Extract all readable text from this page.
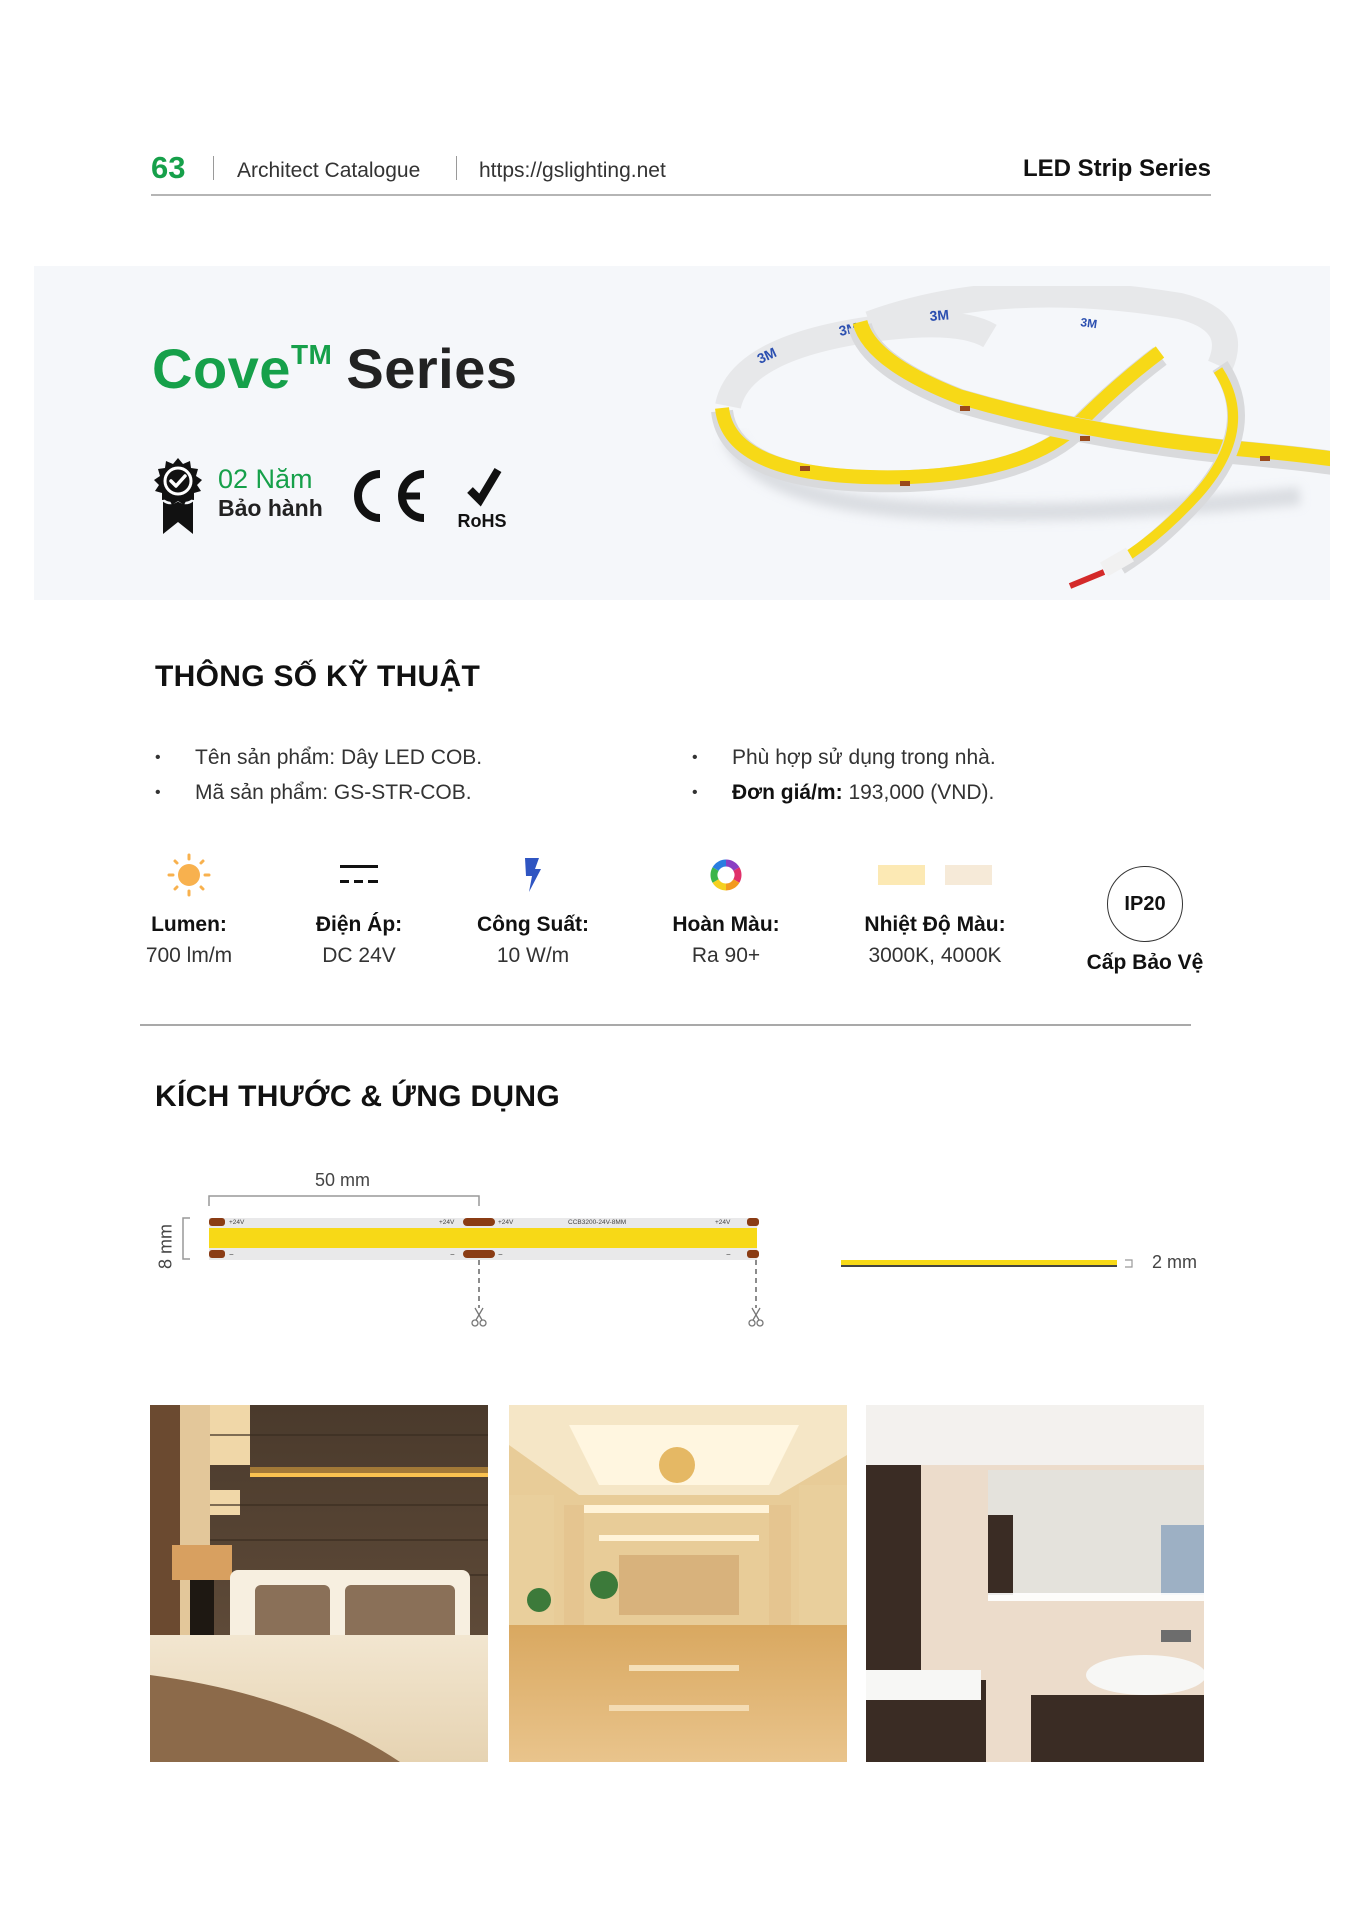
63 Architect Catalogue	https://gslighting.net	LED Strip Series
Cove™ Series
02 Năm
Bảo hành	RoHS
3M
3M
3M	3M
THÔNG SỐ KỸ THUẬT
• Tên sản phẩm: Dây LED COB.
• Mã sản phẩm: GS-STR-COB.
• Phù hợp sử dụng trong nhà.
• Đơn giá/m: 193,000 (VND).
Lumen:
700 lm/m
Điện Áp:
DC 24V
Công Suất:
10 W/m
Hoàn Màu:
Ra 90+
Nhiệt Độ Màu:
3000K, 4000K
IP20
Cấp Bảo Vệ
KÍCH THƯỚC & ỨNG DỤNG
50 mm
8 mm	2 mm
+24V	+24V	+24V	CCB3200-24V-8MM	+24V
−	−	−	−
